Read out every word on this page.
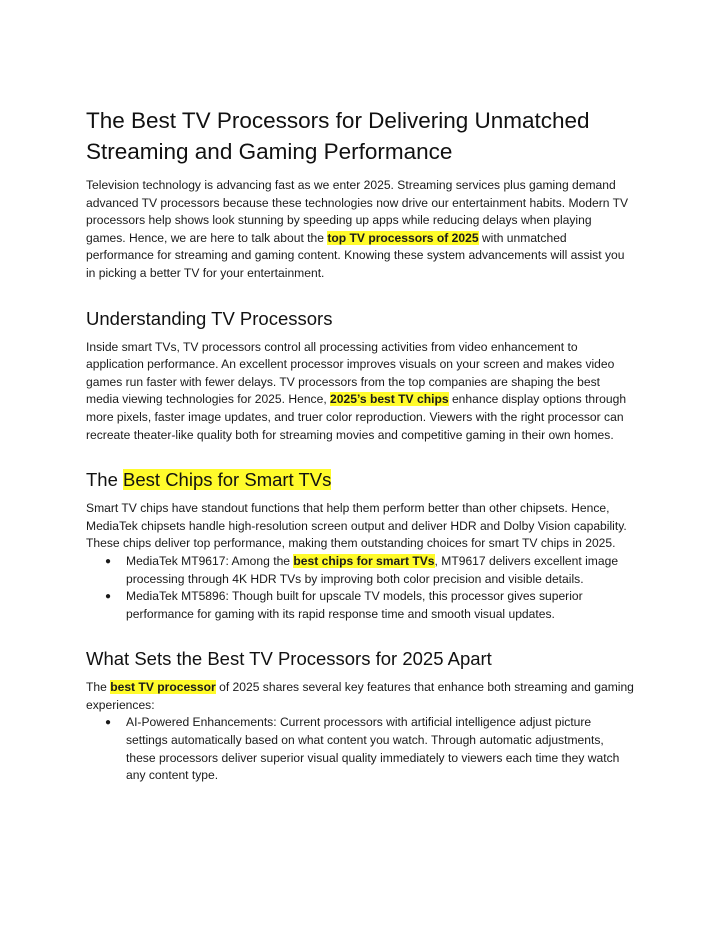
The Best TV Processors for Delivering Unmatched Streaming and Gaming Performance

Television technology is advancing fast as we enter 2025. Streaming services plus gaming demand advanced TV processors because these technologies now drive our entertainment habits. Modern TV processors help shows look stunning by speeding up apps while reducing delays when playing games. Hence, we are here to talk about the top TV processors of 2025 with unmatched performance for streaming and gaming content. Knowing these system advancements will assist you in picking a better TV for your entertainment.

Understanding TV Processors

Inside smart TVs, TV processors control all processing activities from video enhancement to application performance. An excellent processor improves visuals on your screen and makes video games run faster with fewer delays. TV processors from the top companies are shaping the best media viewing technologies for 2025. Hence, 2025’s best TV chips enhance display options through more pixels, faster image updates, and truer color reproduction. Viewers with the right processor can recreate theater-like quality both for streaming movies and competitive gaming in their own homes.

The Best Chips for Smart TVs

Smart TV chips have standout functions that help them perform better than other chipsets. Hence, MediaTek chipsets handle high-resolution screen output and deliver HDR and Dolby Vision capability. These chips deliver top performance, making them outstanding choices for smart TV chips in 2025.

● MediaTek MT9617: Among the best chips for smart TVs, MT9617 delivers excellent image processing through 4K HDR TVs by improving both color precision and visible details.
● MediaTek MT5896: Though built for upscale TV models, this processor gives superior performance for gaming with its rapid response time and smooth visual updates.
What Sets the Best TV Processors for 2025 Apart

The best TV processor of 2025 shares several key features that enhance both streaming and gaming experiences:

● AI-Powered Enhancements: Current processors with artificial intelligence adjust picture settings automatically based on what content you watch. Through automatic adjustments, these processors deliver superior visual quality immediately to viewers each time they watch any content type.
